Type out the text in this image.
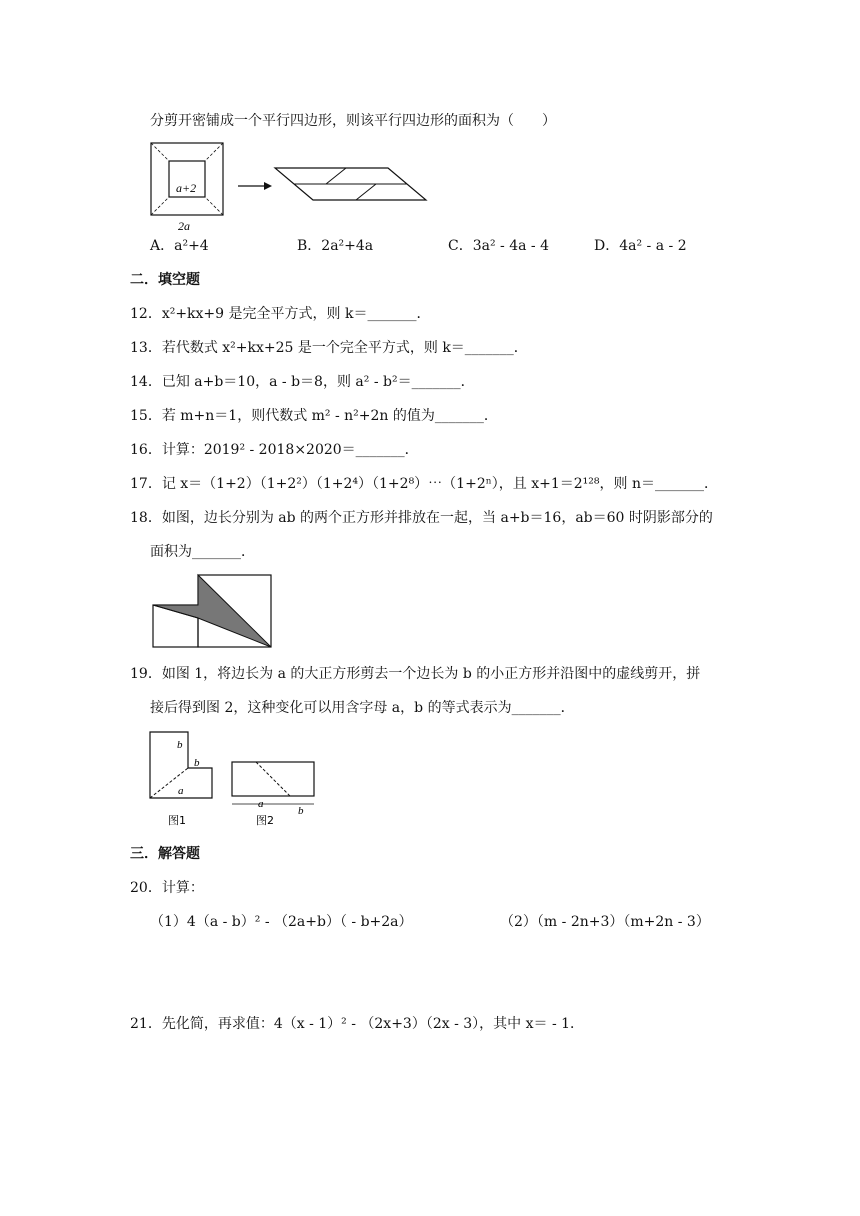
分剪开密铺成一个平行四边形，则该平行四边形的面积为（　　）
a+2
2a
A．a²+4	B．2a²+4a	C．3a² - 4a - 4	D．4a² - a - 2
二．填空题
12．x²+kx+9 是完全平方式，则 k＝_______．
13．若代数式 x²+kx+25 是一个完全平方式，则 k＝_______．
14．已知 a+b＝10，a - b＝8，则 a² - b²＝_______．
15．若 m+n＝1，则代数式 m² - n²+2n 的值为_______．
16．计算：2019² - 2018×2020＝_______．
17．记 x＝（1+2）（1+2²）（1+2⁴）（1+2⁸）⋯（1+2ⁿ），且 x+1＝2¹²⁸，则 n＝_______．
18．如图，边长分别为 ab 的两个正方形并排放在一起，当 a+b＝16，ab＝60 时阴影部分的
面积为_______．
19．如图 1，将边长为 a 的大正方形剪去一个边长为 b 的小正方形并沿图中的虚线剪开，拼
接后得到图 2，这种变化可以用含字母 a，b 的等式表示为_______．
b
b
a
图1
a
b
图2
三．解答题
20．计算：
（1）4（a - b）² - （2a+b）（ - b+2a）	（2）（m - 2n+3）（m+2n - 3）
21．先化简，再求值：4（x - 1）² - （2x+3）（2x - 3），其中 x＝ - 1．
